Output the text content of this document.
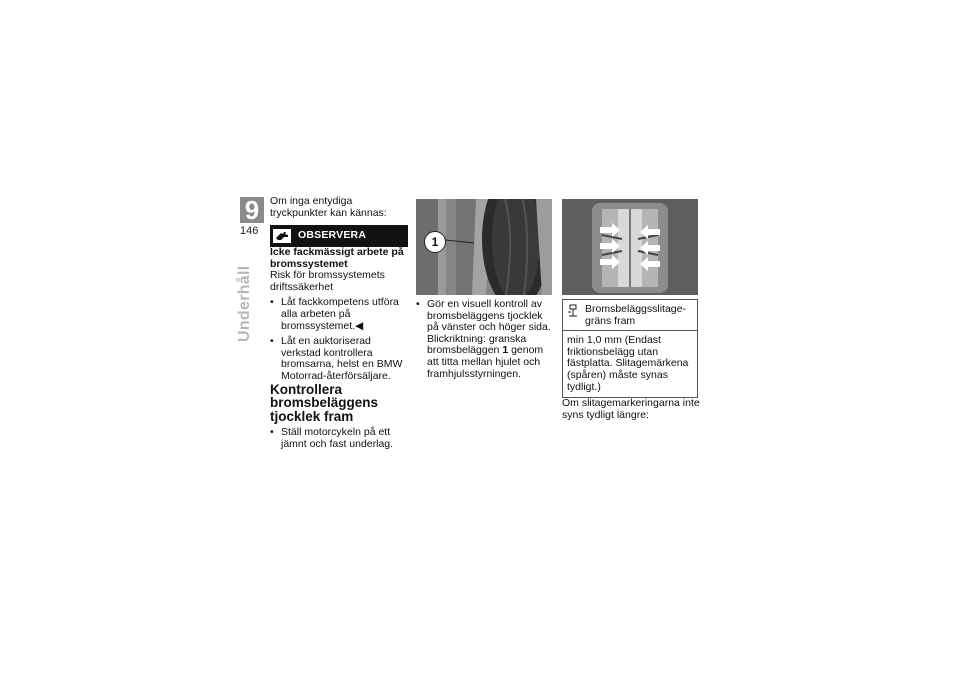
9
146
Underhåll

Om inga entydiga tryckpunkter kan kännas:

OBSERVERA

Icke fackmässigt arbete på bromssystemet

Risk för bromssystemets driftssäkerhet

• Låt fackkompetens utföra alla arbeten på bromssystemet.◀
• Låt en auktoriserad verkstad kontrollera bromsarna, helst en BMW Motorrad-återförsäljare.

Kontrollera bromsbeläggens tjocklek fram

• Ställ motorcykeln på ett jämnt och fast underlag.
1
• Gör en visuell kontroll av bromsbeläggens tjocklek på vänster och höger sida. Blickriktning: granska bromsbeläggen 1 genom att titta mellan hjulet och framhjulsstyrningen.
Bromsbeläggsslitagegräns fram
min 1,0 mm (Endast friktionsbelägg utan fästplatta. Slitagemärkena (spåren) måste synas tydligt.)

Om slitagemarkeringarna inte syns tydligt längre:
